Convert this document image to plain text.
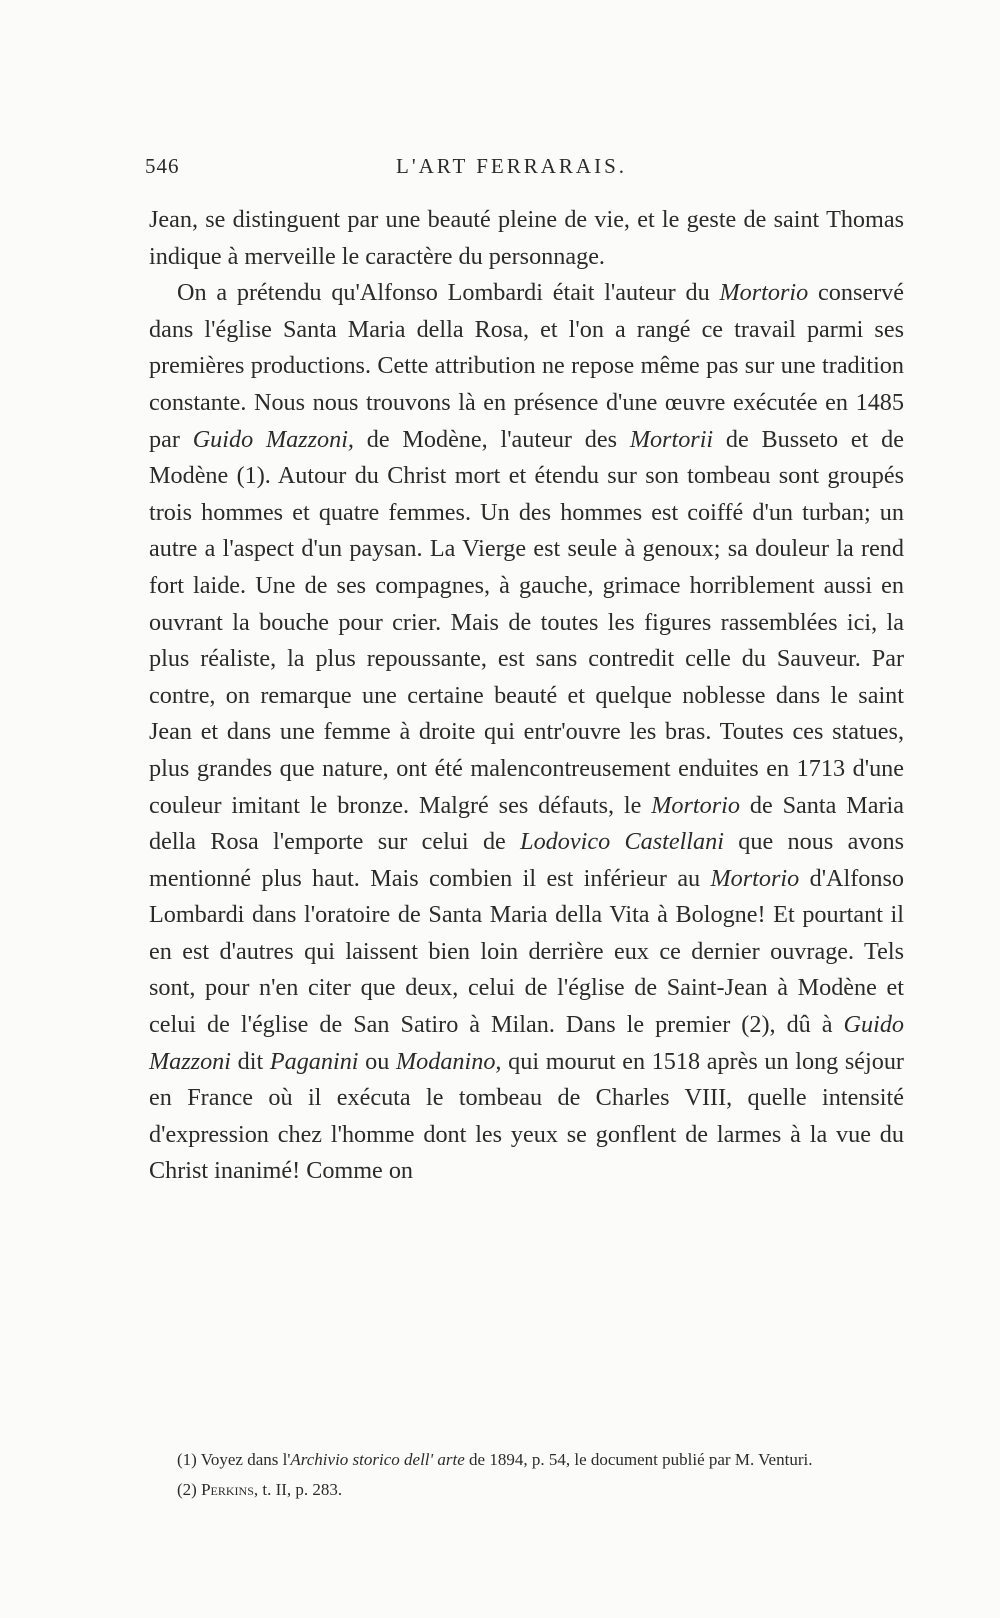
546	L'ART FERRARAIS.

Jean, se distinguent par une beauté pleine de vie, et le geste de saint Thomas indique à merveille le caractère du personnage.

On a prétendu qu'Alfonso Lombardi était l'auteur du Mortorio conservé dans l'église Santa Maria della Rosa, et l'on a rangé ce travail parmi ses premières productions. Cette attribution ne repose même pas sur une tradition constante. Nous nous trouvons là en présence d'une œuvre exécutée en 1485 par Guido Mazzoni, de Modène, l'auteur des Mortorii de Busseto et de Modène (1). Autour du Christ mort et étendu sur son tombeau sont groupés trois hommes et quatre femmes. Un des hommes est coiffé d'un turban; un autre a l'aspect d'un paysan. La Vierge est seule à genoux; sa douleur la rend fort laide. Une de ses compagnes, à gauche, grimace horriblement aussi en ouvrant la bouche pour crier. Mais de toutes les figures rassemblées ici, la plus réaliste, la plus repoussante, est sans contredit celle du Sauveur. Par contre, on remarque une certaine beauté et quelque noblesse dans le saint Jean et dans une femme à droite qui entr'ouvre les bras. Toutes ces statues, plus grandes que nature, ont été malencontreusement enduites en 1713 d'une couleur imitant le bronze. Malgré ses défauts, le Mortorio de Santa Maria della Rosa l'emporte sur celui de Lodovico Castellani que nous avons mentionné plus haut. Mais combien il est inférieur au Mortorio d'Alfonso Lombardi dans l'oratoire de Santa Maria della Vita à Bologne! Et pourtant il en est d'autres qui laissent bien loin derrière eux ce dernier ouvrage. Tels sont, pour n'en citer que deux, celui de l'église de Saint-Jean à Modène et celui de l'église de San Satiro à Milan. Dans le premier (2), dû à Guido Mazzoni dit Paganini ou Modanino, qui mourut en 1518 après un long séjour en France où il exécuta le tombeau de Charles VIII, quelle intensité d'expression chez l'homme dont les yeux se gonflent de larmes à la vue du Christ inanimé! Comme on

(1) Voyez dans l'Archivio storico dell' arte de 1894, p. 54, le document publié par M. Venturi.

(2) Perkins, t. II, p. 283.
